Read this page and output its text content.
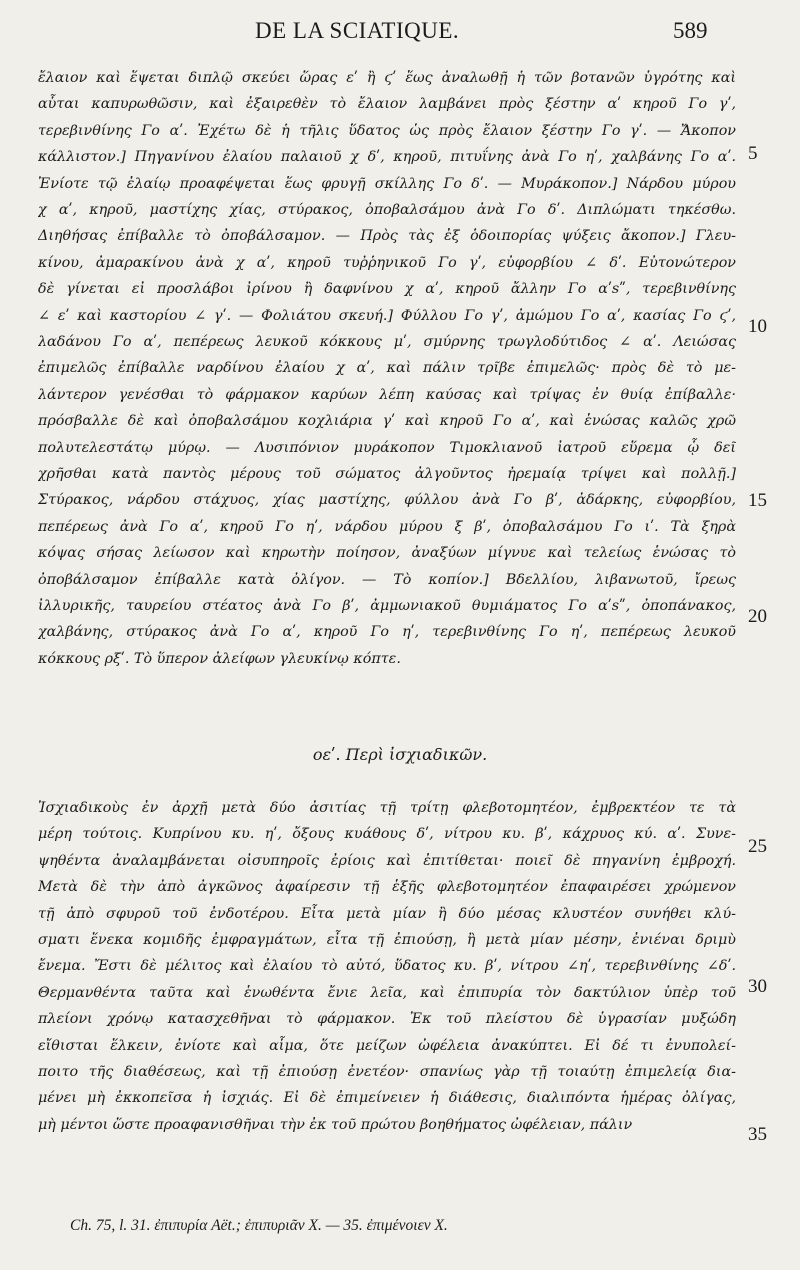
DE LA SCIATIQUE.	589
ἔλαιον καὶ ἕψεται διπλῷ σκεύει ὥρας εʹ ἢ ϛʹ ἕως ἀναλωθῇ ἡ τῶν βοτανῶν ὑγρότης καὶ
αὗται καπυρωθῶσιν, καὶ ἐξαιρεθὲν τὸ ἔλαιον λαμβάνει πρὸς ξέστην αʹ κηροῦ Γο γʹ,
τερεβινθίνης Γο αʹ. Ἐχέτω δὲ ἡ τῆλις ὕδατος ὡς πρὸς ἔλαιον ξέστην Γο γʹ. — Ἄκοπον
κάλλιστον.] Πηγανίνου ἐλαίου παλαιοῦ χ δʹ, κηροῦ, πιτυΐνης ἀνὰ Γο ηʹ, χαλβάνης Γο αʹ.
Ἐνίοτε τῷ ἐλαίῳ προαφέψεται ἕως φρυγῇ σκίλλης Γο δʹ. — Μυράκοπον.] Νάρδου μύρου
χ αʹ, κηροῦ, μαστίχης χίας, στύρακος, ὀποβαλσάμου ἀνὰ Γο δʹ. Διπλώματι τηκέσθω.
Διηθήσας ἐπίβαλλε τὸ ὀποβάλσαμον. — Πρὸς τὰς ἐξ ὁδοιπορίας ψύξεις ἄκοπον.] Γλευ-
κίνου, ἀμαρακίνου ἀνὰ χ αʹ, κηροῦ τυῤῥηνικοῦ Γο γʹ, εὐφορβίου ∠ δʹ. Εὐτονώτερον
δὲ γίνεται εἰ προσλάβοι ἰρίνου ἢ δαφνίνου χ αʹ, κηροῦ ἄλλην Γο αʹsʺ, τερεβινθίνης
∠ εʹ καὶ καστορίου ∠ γʹ. — Φολιάτου σκευή.] Φύλλου Γο γʹ, ἀμώμου Γο αʹ, κασίας Γο ϛʹ,
λαδάνου Γο αʹ, πεπέρεως λευκοῦ κόκκους μʹ, σμύρνης τρωγλοδύτιδος ∠ αʹ. Λειώσας
ἐπιμελῶς ἐπίβαλλε ναρδίνου ἐλαίου χ αʹ, καὶ πάλιν τρῖβε ἐπιμελῶς· πρὸς δὲ τὸ με-
λάντερον γενέσθαι τὸ φάρμακον καρύων λέπη καύσας καὶ τρίψας ἐν θυίᾳ ἐπίβαλλε·
πρόσβαλλε δὲ καὶ ὀποβαλσάμου κοχλιάρια γʹ καὶ κηροῦ Γο αʹ, καὶ ἑνώσας καλῶς χρῶ
πολυτελεστάτῳ μύρῳ. — Λυσιπόνιον μυράκοπον Τιμοκλιανοῦ ἰατροῦ εὕρεμα ᾧ δεῖ
χρῆσθαι κατὰ παντὸς μέρους τοῦ σώματος ἀλγοῦντος ἠρεμαίᾳ τρίψει καὶ πολλῇ.]
Στύρακος, νάρδου στάχυος, χίας μαστίχης, φύλλου ἀνὰ Γο βʹ, ἀδάρκης, εὐφορβίου,
πεπέρεως ἀνὰ Γο αʹ, κηροῦ Γο ηʹ, νάρδου μύρου ξ βʹ, ὀποβαλσάμου Γο ιʹ. Τὰ ξηρὰ
κόψας σήσας λείωσον καὶ κηρωτὴν ποίησον, ἀναξύων μίγνυε καὶ τελείως ἑνώσας τὸ
ὀποβάλσαμον ἐπίβαλλε κατὰ ὀλίγον. — Τὸ κοπίον.] Βδελλίου, λιβανωτοῦ, ἴρεως
ἰλλυρικῆς, ταυρείου στέατος ἀνὰ Γο βʹ, ἀμμωνιακοῦ θυμιάματος Γο αʹsʺ, ὀποπάνακος,
χαλβάνης, στύρακος ἀνὰ Γο αʹ, κηροῦ Γο ηʹ, τερεβινθίνης Γο ηʹ, πεπέρεως λευκοῦ
κόκκους ρξʹ. Τὸ ὕπερον ἀλείφων γλευκίνῳ κόπτε.
οεʹ. Περὶ ἰσχιαδικῶν.
Ἰσχιαδικοὺς ἐν ἀρχῇ μετὰ δύο ἀσιτίας τῇ τρίτῃ φλεβοτομητέον, ἐμβρεκτέον τε τὰ
μέρη τούτοις. Κυπρίνου κυ. ηʹ, ὄξους κυάθους δʹ, νίτρου κυ. βʹ, κάχρυος κύ. αʹ. Συνε-
ψηθέντα ἀναλαμβάνεται οἰσυπηροῖς ἐρίοις καὶ ἐπιτίθεται· ποιεῖ δὲ πηγανίνη ἐμβροχή.
Μετὰ δὲ τὴν ἀπὸ ἀγκῶνος ἀφαίρεσιν τῇ ἑξῆς φλεβοτομητέον ἐπαφαιρέσει χρώμενον
τῇ ἀπὸ σφυροῦ τοῦ ἐνδοτέρου. Εἶτα μετὰ μίαν ἢ δύο μέσας κλυστέον συνήθει κλύ-
σματι ἕνεκα κομιδῆς ἐμφραγμάτων, εἶτα τῇ ἐπιούσῃ, ἢ μετὰ μίαν μέσην, ἐνιέναι δριμὺ
ἔνεμα. Ἔστι δὲ μέλιτος καὶ ἐλαίου τὸ αὐτό, ὕδατος κυ. βʹ, νίτρου ∠ηʹ, τερεβινθίνης ∠δʹ.
Θερμανθέντα ταῦτα καὶ ἑνωθέντα ἔνιε λεῖα, καὶ ἐπιπυρία τὸν δακτύλιον ὑπὲρ τοῦ
πλείονι χρόνῳ κατασχεθῆναι τὸ φάρμακον. Ἐκ τοῦ πλείστου δὲ ὑγρασίαν μυξώδη
εἴθισται ἕλκειν, ἐνίοτε καὶ αἷμα, ὅτε μείζων ὠφέλεια ἀνακύπτει. Εἰ δέ τι ἐνυπολεί-
ποιτο τῆς διαθέσεως, καὶ τῇ ἐπιούσῃ ἐνετέον· σπανίως γὰρ τῇ τοιαύτῃ ἐπιμελείᾳ δια-
μένει μὴ ἐκκοπεῖσα ἡ ἰσχιάς. Εἰ δὲ ἐπιμείνειεν ἡ διάθεσις, διαλιπόντα ἡμέρας ὀλίγας,
μὴ μέντοι ὥστε προαφανισθῆναι τὴν ἐκ τοῦ πρώτου βοηθήματος ὠφέλειαν, πάλιν
5
10
15
20
25
30
35
Ch. 75, l. 31. ἐπιπυρία Aët.; ἐπιπυριᾶν X. — 35. ἐπιμένοιεν X.
